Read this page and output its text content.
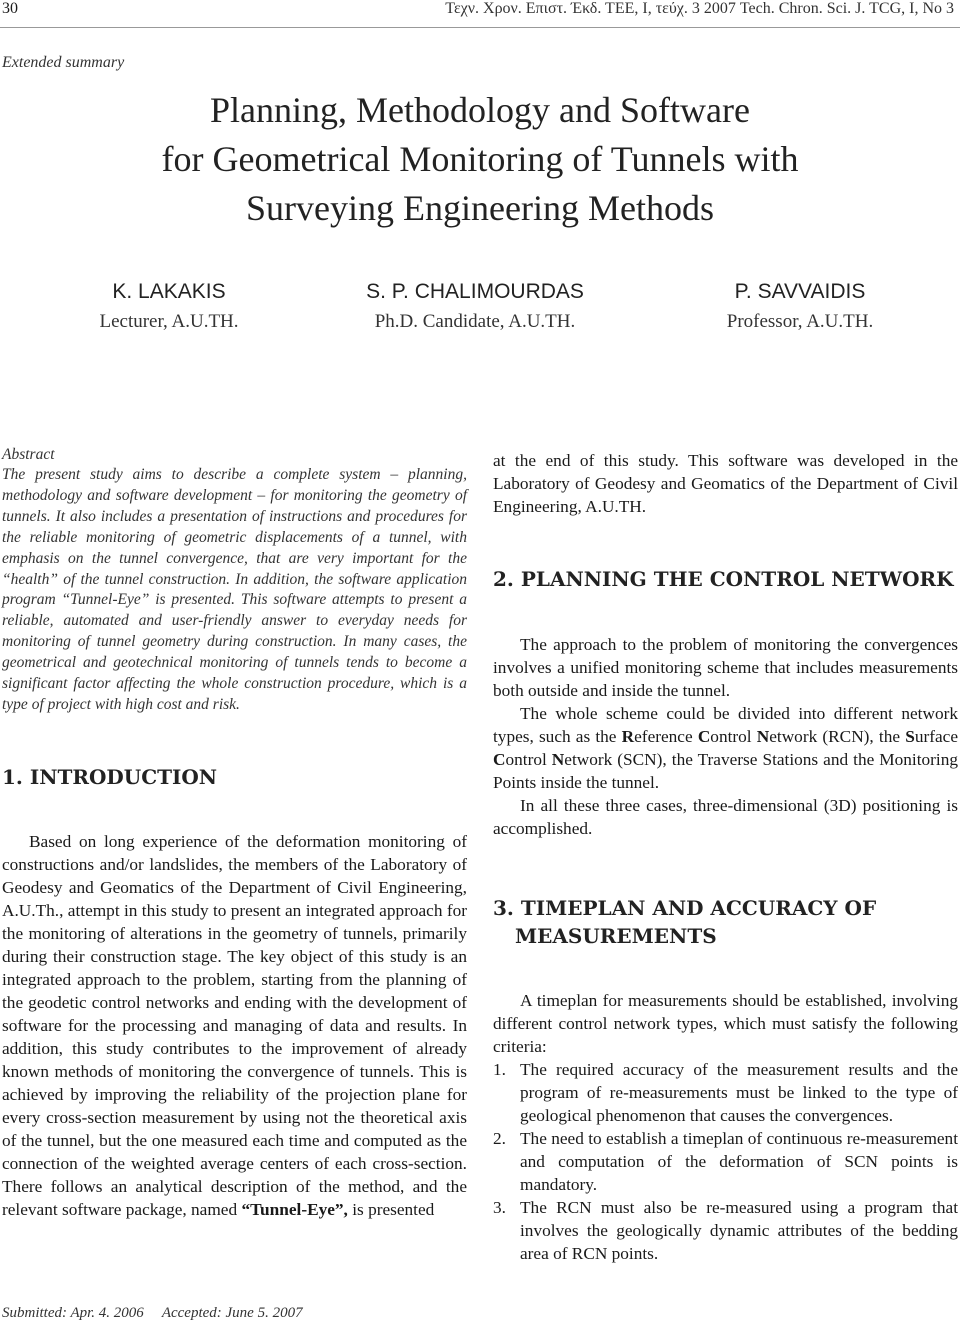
30	Τεχν. Χρον. Επιστ. Έκδ. ΤΕΕ, Ι, τεύχ. 3 2007 Tech. Chron. Sci. J. TCG, I, No 3
Extended summary
Planning, Methodology and Software
for Geometrical Monitoring of Tunnels with
Surveying Engineering Methods
K. LAKAKIS
Lecturer, A.U.TH.
S. P. CHALIMOURDAS
Ph.D. Candidate, A.U.TH.
P. SAVVAIDIS
Professor, A.U.TH.
Abstract

The present study aims to describe a complete system – planning, methodology and software development – for monitoring the geometry of tunnels. It also includes a presentation of instructions and procedures for the reliable monitoring of geometric displacements of a tunnel, with emphasis on the tunnel convergence, that are very important for the “health” of the tunnel construction. In addition, the software application program “Tunnel-Eye” is presented. This software attempts to present a reliable, automated and user-friendly answer to everyday needs for monitoring of tunnel geometry during construction. In many cases, the geometrical and geotechnical monitoring of tunnels tends to become a significant factor affecting the whole construction procedure, which is a type of project with high cost and risk.

1. INTRODUCTION

Based on long experience of the deformation monitoring of constructions and/or landslides, the members of the Laboratory of Geodesy and Geomatics of the Department of Civil Engineering, A.U.Th., attempt in this study to present an integrated approach for the monitoring of alterations in the geometry of tunnels, primarily during their construction stage. The key object of this study is an integrated approach to the problem, starting from the planning of the geodetic control networks and ending with the development of software for the processing and managing of data and results. In addition, this study contributes to the improvement of already known methods of monitoring the convergence of tunnels. This is achieved by improving the reliability of the projection plane for every cross-section measurement by using not the theoretical axis of the tunnel, but the one measured each time and computed as the connection of the weighted average centers of each cross-section. There follows an analytical description of the method, and the relevant software package, named “Tunnel-Eye”, is presented

at the end of this study. This software was developed in the Laboratory of Geodesy and Geomatics of the Department of Civil Engineering, A.U.TH.

2. PLANNING THE CONTROL NETWORK

The approach to the problem of monitoring the convergences involves a unified monitoring scheme that includes measurements both outside and inside the tunnel.

The whole scheme could be divided into different network types, such as the Reference Control Network (RCN), the Surface Control Network (SCN), the Traverse Stations and the Monitoring Points inside the tunnel.

In all these three cases, three-dimensional (3D) positioning is accomplished.

3. TIMEPLAN AND ACCURACY OF
MEASUREMENTS

A timeplan for measurements should be established, involving different control network types, which must satisfy the following criteria:

1. The required accuracy of the measurement results and the program of re-measurements must be linked to the type of geological phenomenon that causes the convergences.
2. The need to establish a timeplan of continuous re-measurement and computation of the deformation of SCN points is mandatory.
3. The RCN must also be re-measured using a program that involves the geologically dynamic attributes of the bedding area of RCN points.
Submitted: Apr. 4. 2006 Accepted: June 5. 2007
